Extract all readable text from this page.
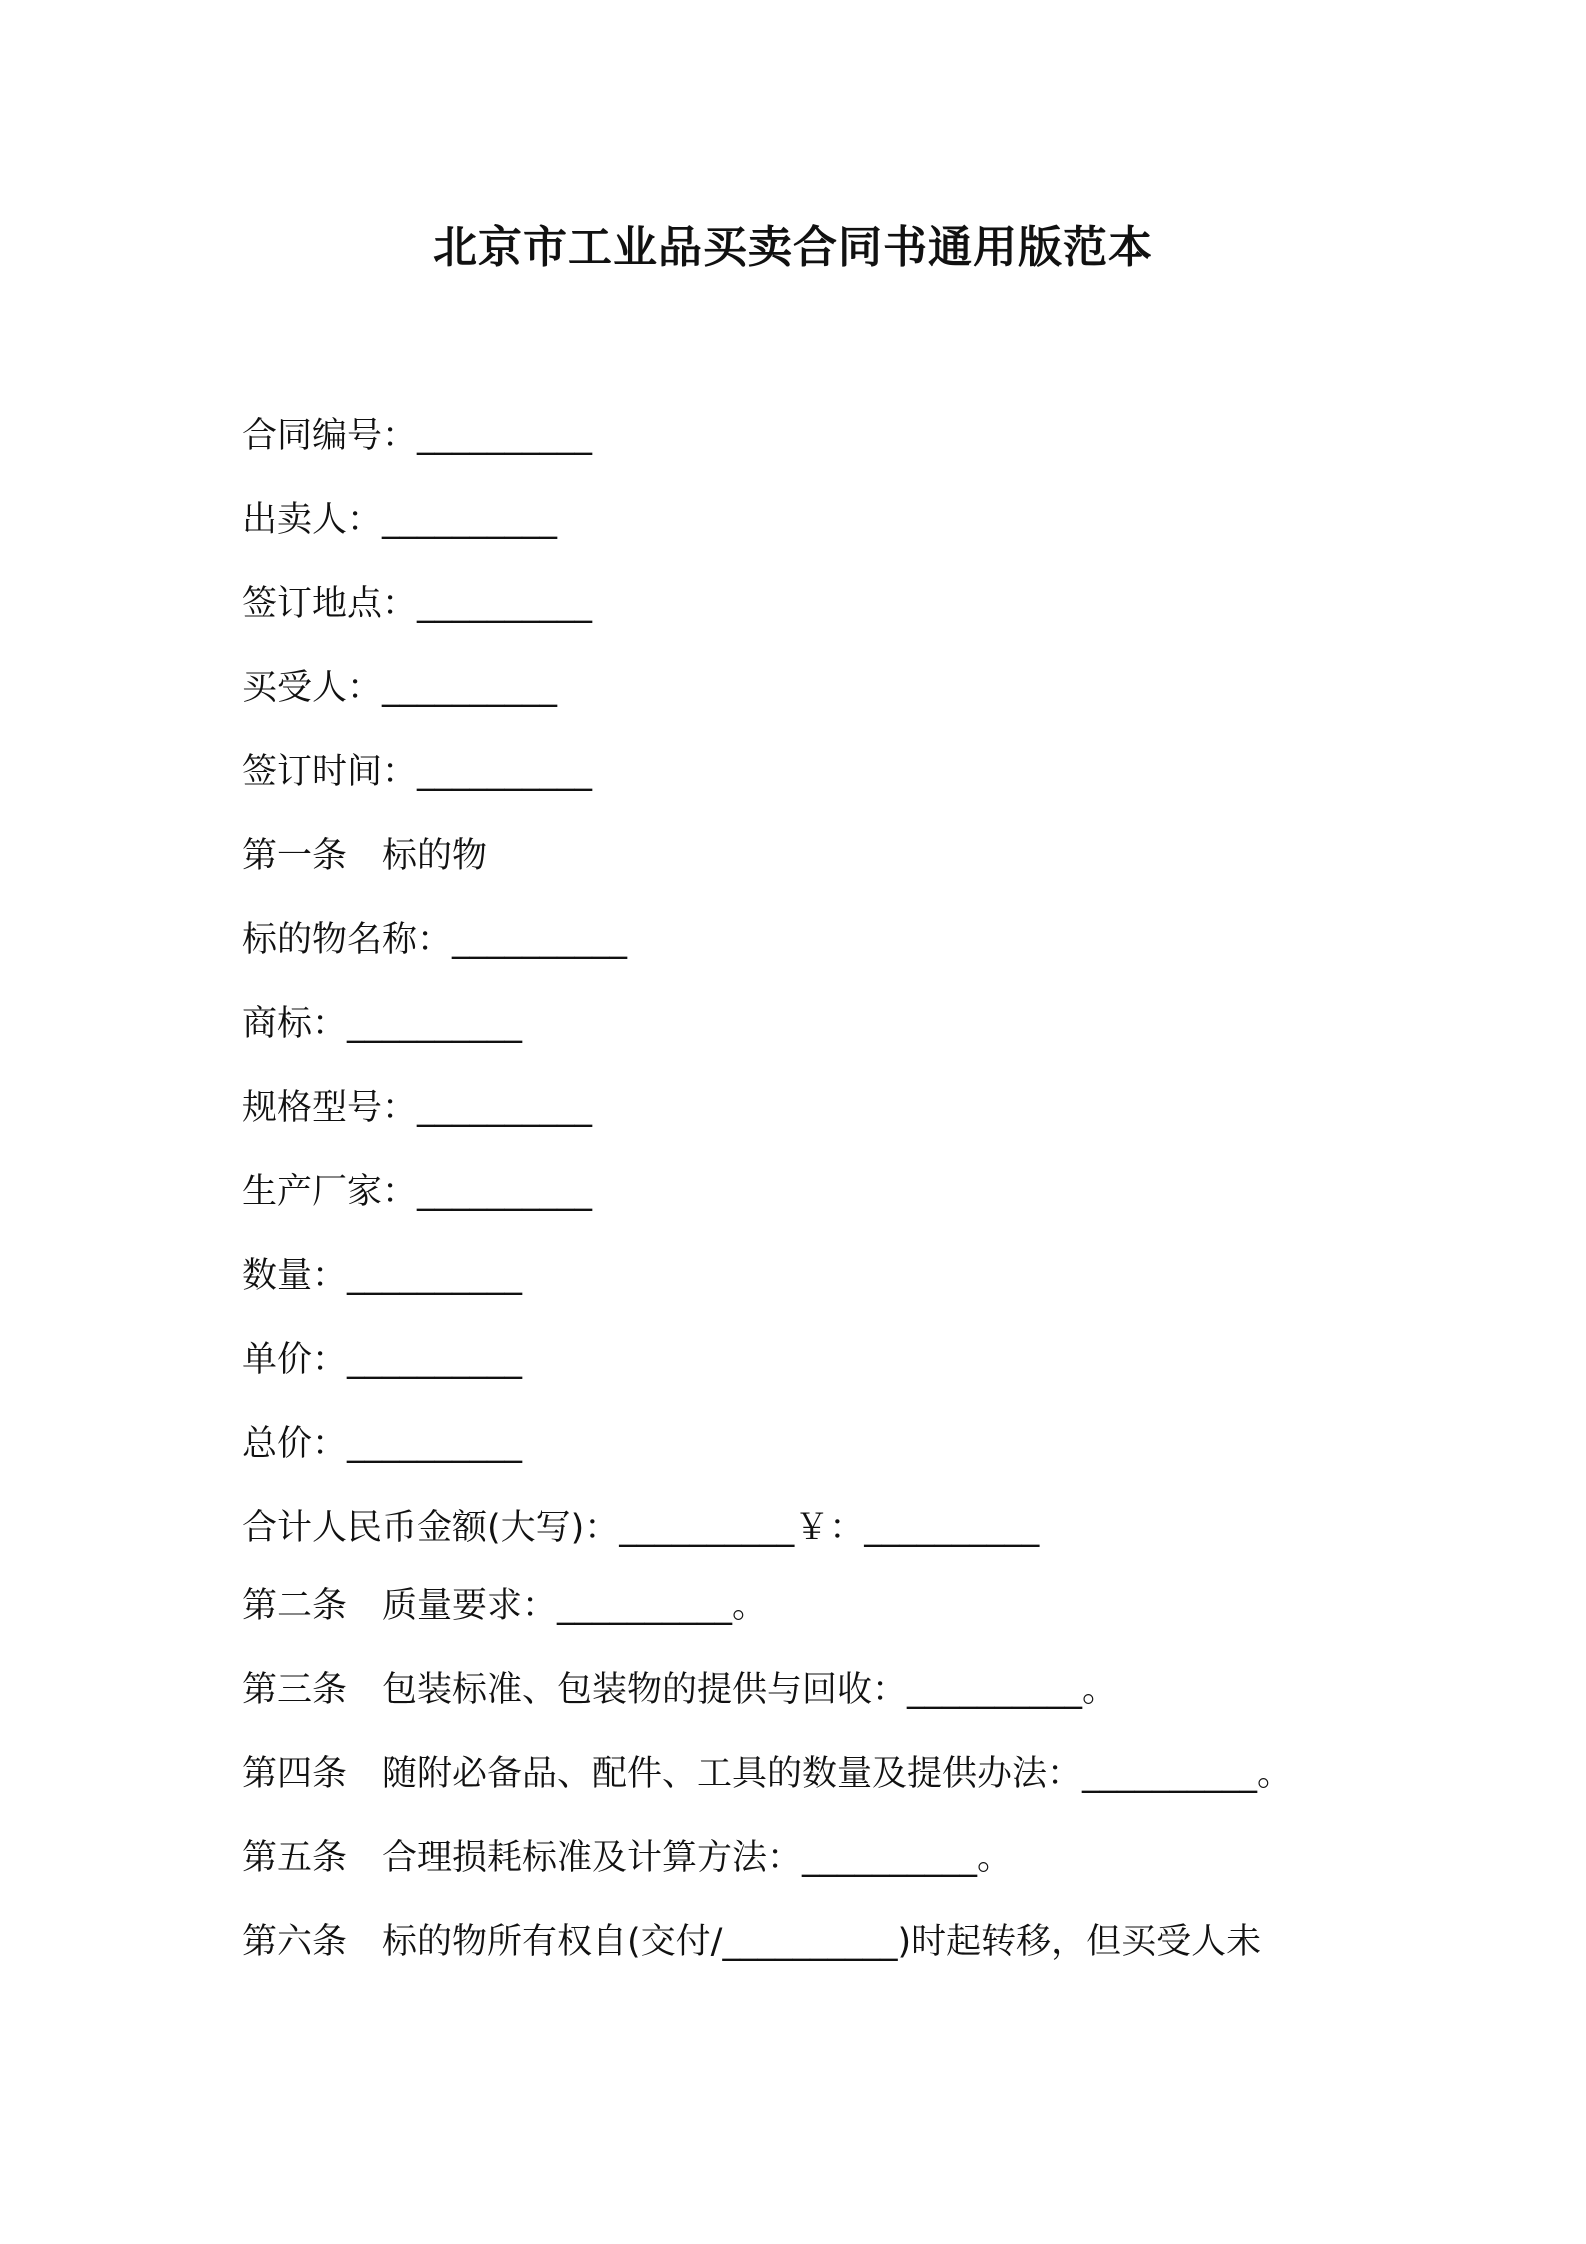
北京市工业品买卖合同书通用版范本
合同编号：__________
出卖人：__________
签订地点：__________
买受人：__________
签订时间：__________
第一条　标的物
标的物名称：__________
商标：__________
规格型号：__________
生产厂家：__________
数量：__________
单价：__________
总价：__________
合计人民币金额(大写)：__________￥：__________
第二条　质量要求：__________。
第三条　包装标准、包装物的提供与回收：__________。
第四条　随附必备品、配件、工具的数量及提供办法：__________。
第五条　合理损耗标准及计算方法：__________。
第六条　标的物所有权自(交付/__________)时起转移，但买受人未
